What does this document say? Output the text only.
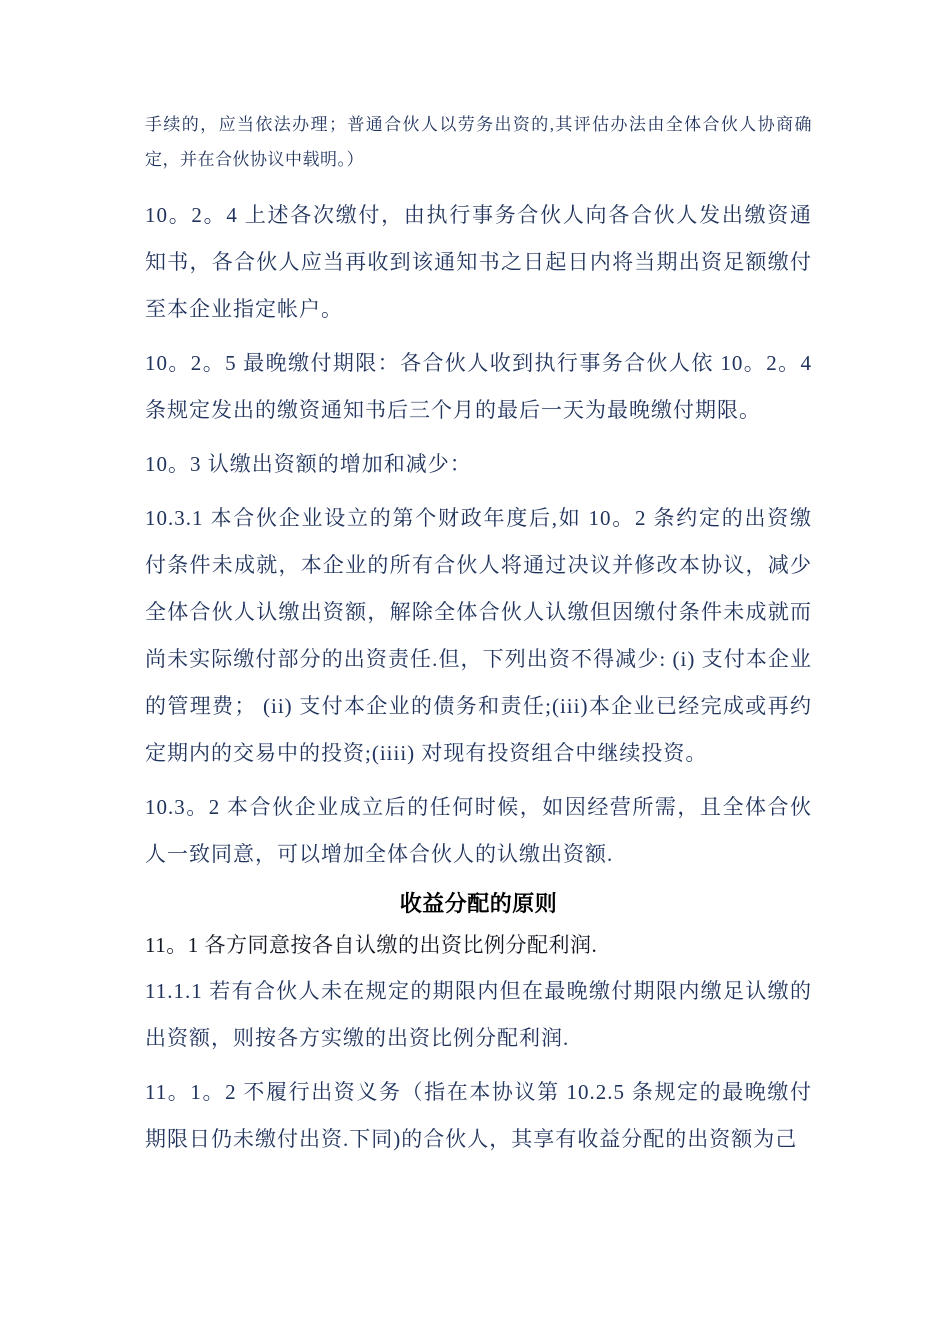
手续的，应当依法办理；普通合伙人以劳务出资的,其评估办法由全体合伙人协商确定，并在合伙协议中载明。）

10。2。4 上述各次缴付，由执行事务合伙人向各合伙人发出缴资通知书，各合伙人应当再收到该通知书之日起日内将当期出资足额缴付至本企业指定帐户。

10。2。5 最晚缴付期限：各合伙人收到执行事务合伙人依 10。2。4 条规定发出的缴资通知书后三个月的最后一天为最晚缴付期限。

10。3 认缴出资额的增加和减少：

10.3.1 本合伙企业设立的第个财政年度后,如 10。2 条约定的出资缴付条件未成就，本企业的所有合伙人将通过决议并修改本协议，减少全体合伙人认缴出资额，解除全体合伙人认缴但因缴付条件未成就而尚未实际缴付部分的出资责任.但，下列出资不得减少: (i) 支付本企业的管理费； (ii) 支付本企业的债务和责任;(iii)本企业已经完成或再约定期内的交易中的投资;(iiii) 对现有投资组合中继续投资。

10.3。2 本合伙企业成立后的任何时候，如因经营所需，且全体合伙人一致同意，可以增加全体合伙人的认缴出资额.

收益分配的原则

11。1 各方同意按各自认缴的出资比例分配利润.

11.1.1 若有合伙人未在规定的期限内但在最晚缴付期限内缴足认缴的出资额，则按各方实缴的出资比例分配利润.

11。1。2 不履行出资义务（指在本协议第 10.2.5 条规定的最晚缴付期限日仍未缴付出资.下同)的合伙人，其享有收益分配的出资额为己
